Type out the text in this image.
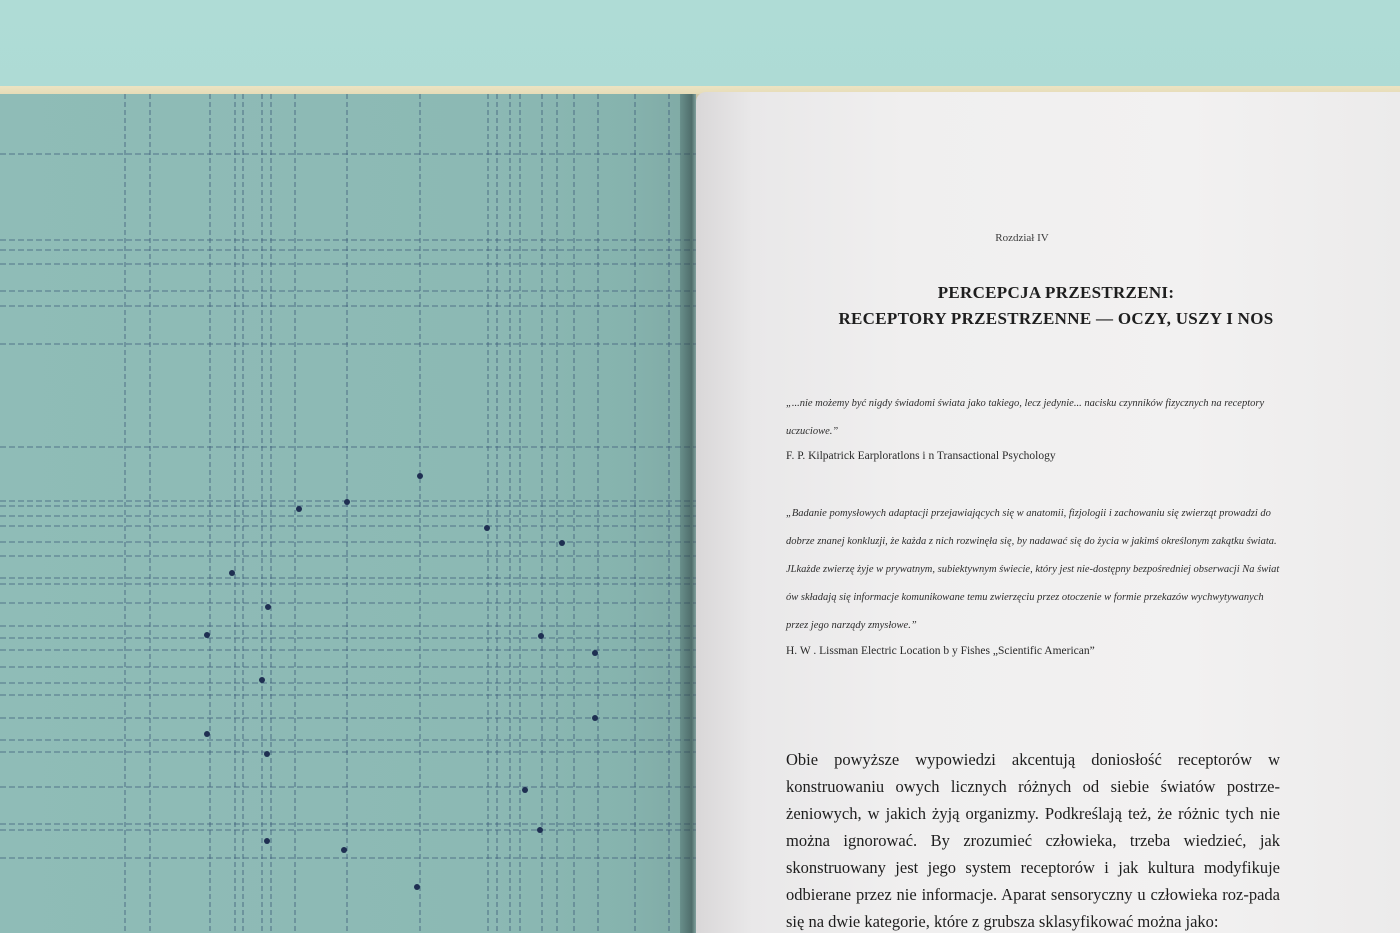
Rozdział IV
PERCEPCJA PRZESTRZENI:
RECEPTORY PRZESTRZENNE — OCZY, USZY I NOS
„...nie możemy być nigdy świadomi świata jako takiego, lecz jedynie... nacisku czynników fizycznych na receptory uczuciowe.”
F. P. Kilpatrick Earploratlons i n Transactional Psychology
„Badanie pomysłowych adaptacji przejawiających się w anatomii, fizjologii i zachowaniu się zwierząt prowadzi do dobrze znanej konkluzji, że każda z nich rozwinęła się, by nadawać się do życia w jakimś określonym zakątku świata. JLkażde zwierzę żyje w prywatnym, subiektywnym świecie, który jest nie-dostępny bezpośredniej obserwacji Na świat ów składają się informacje komunikowane temu zwierzęciu przez otoczenie w formie przekazów wychwytywanych przez jego narządy zmysłowe.”
H. W . Lissman Electric Location b y Fishes „Scientific American”
Obie powyższe wypowiedzi akcentują doniosłość receptorów w konstruowaniu owych licznych różnych od siebie światów postrze-żeniowych, w jakich żyją organizmy. Podkreślają też, że różnic tych nie można ignorować. By zrozumieć człowieka, trzeba wiedzieć, jak skonstruowany jest jego system receptorów i jak kultura modyfikuje odbierane przez nie informacje. Aparat sensoryczny u człowieka roz-pada się na dwie kategorie, które z grubsza sklasyfikować można jako:
